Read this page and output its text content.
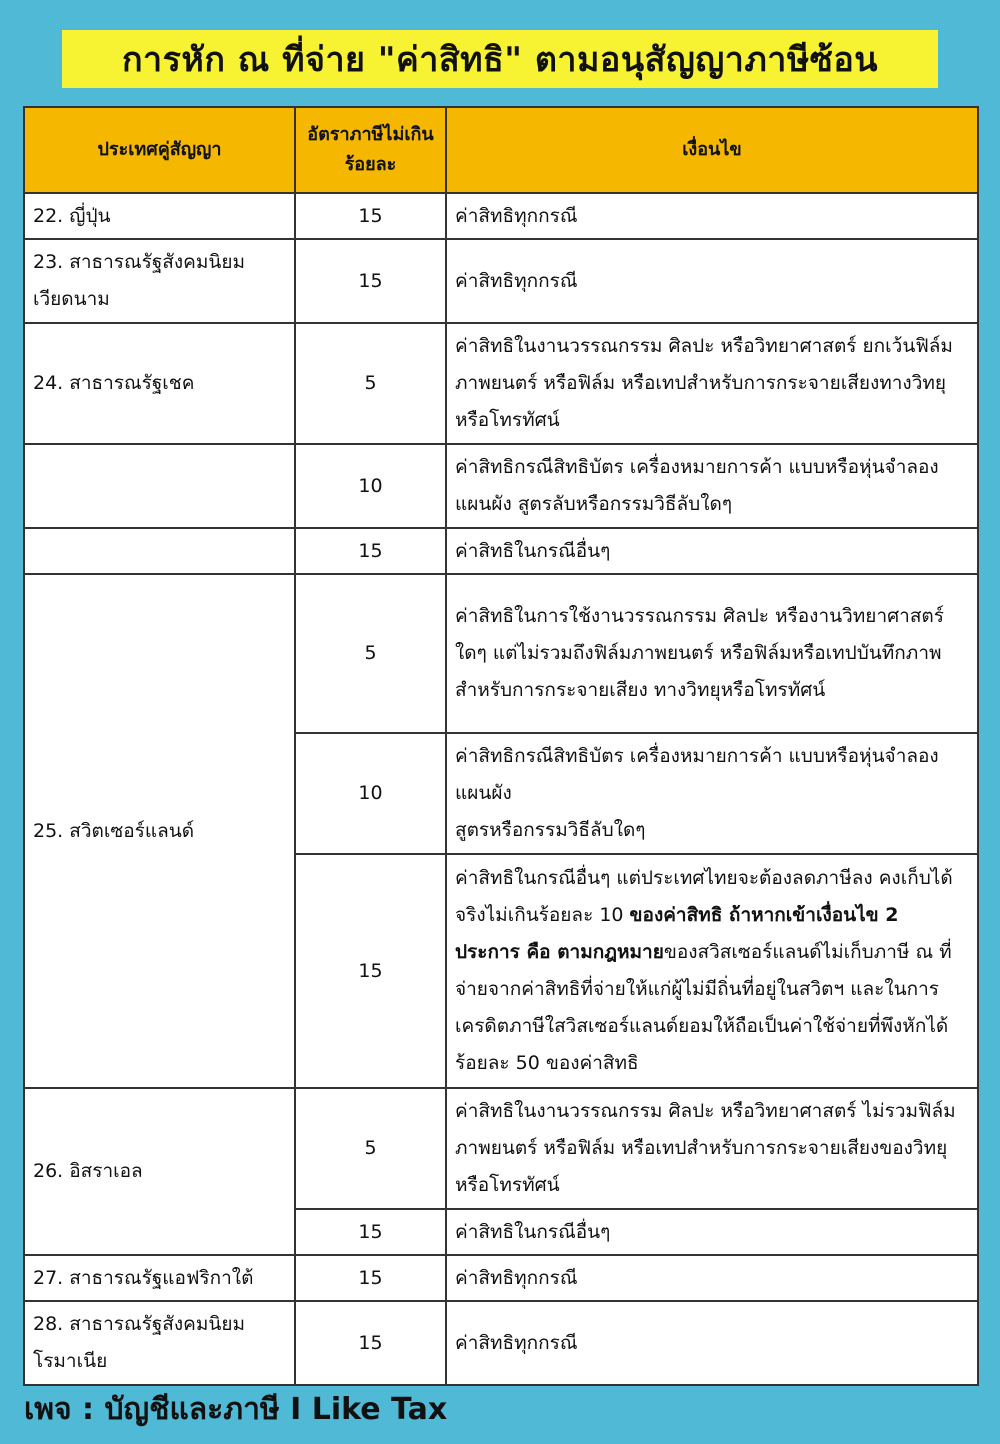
การหัก ณ ที่จ่าย "ค่าสิทธิ" ตามอนุสัญญาภาษีซ้อน
ประเทศคู่สัญญา	อัตราภาษีไม่เกินร้อยละ	เงื่อนไข
22. ญี่ปุ่น	15	ค่าสิทธิทุกกรณี
23. สาธารณรัฐสังคมนิยมเวียดนาม	15	ค่าสิทธิทุกกรณี
24. สาธารณรัฐเชค	5	ค่าสิทธิในงานวรรณกรรม ศิลปะ หรือวิทยาศาสตร์ ยกเว้นฟิล์มภาพยนตร์ หรือฟิล์ม หรือเทปสำหรับการกระจายเสียงทางวิทยุ หรือโทรทัศน์
	10	ค่าสิทธิกรณีสิทธิบัตร เครื่องหมายการค้า แบบหรือหุ่นจำลอง แผนผัง สูตรลับหรือกรรมวิธีลับใดๆ
	15	ค่าสิทธิในกรณีอื่นๆ
25. สวิตเซอร์แลนด์	5	ค่าสิทธิในการใช้งานวรรณกรรม ศิลปะ หรืองานวิทยาศาสตร์ใดๆ แต่ไม่รวมถึงฟิล์มภาพยนตร์ หรือฟิล์มหรือเทปบันทึกภาพสำหรับการกระจายเสียง ทางวิทยุหรือโทรทัศน์
	10	ค่าสิทธิกรณีสิทธิบัตร เครื่องหมายการค้า แบบหรือหุ่นจำลอง แผนผัง
สูตรหรือกรรมวิธีลับใดๆ
	15	ค่าสิทธิในกรณีอื่นๆ แต่ประเทศไทยจะต้องลดภาษีลง คงเก็บได้จริงไม่เกินร้อยละ 10 ของค่าสิทธิ ถ้าหากเข้าเงื่อนไข 2 ประการ คือ ตามกฎหมายของสวิสเซอร์แลนด์ไม่เก็บภาษี ณ ที่จ่ายจากค่าสิทธิที่จ่ายให้แก่ผู้ไม่มีถิ่นที่อยู่ในสวิตฯ และในการเครดิตภาษีใสวิสเซอร์แลนด์ยอมให้ถือเป็นค่าใช้จ่ายที่พึงหักได้ร้อยละ 50 ของค่าสิทธิ
26. อิสราเอล	5	ค่าสิทธิในงานวรรณกรรม ศิลปะ หรือวิทยาศาสตร์ ไม่รวมฟิล์มภาพยนตร์ หรือฟิล์ม หรือเทปสำหรับการกระจายเสียงของวิทยุหรือโทรทัศน์
	15	ค่าสิทธิในกรณีอื่นๆ
27. สาธารณรัฐแอฟริกาใต้	15	ค่าสิทธิทุกกรณี
28. สาธารณรัฐสังคมนิยมโรมาเนีย	15	ค่าสิทธิทุกกรณี
เพจ : บัญชีและภาษี I Like Tax
